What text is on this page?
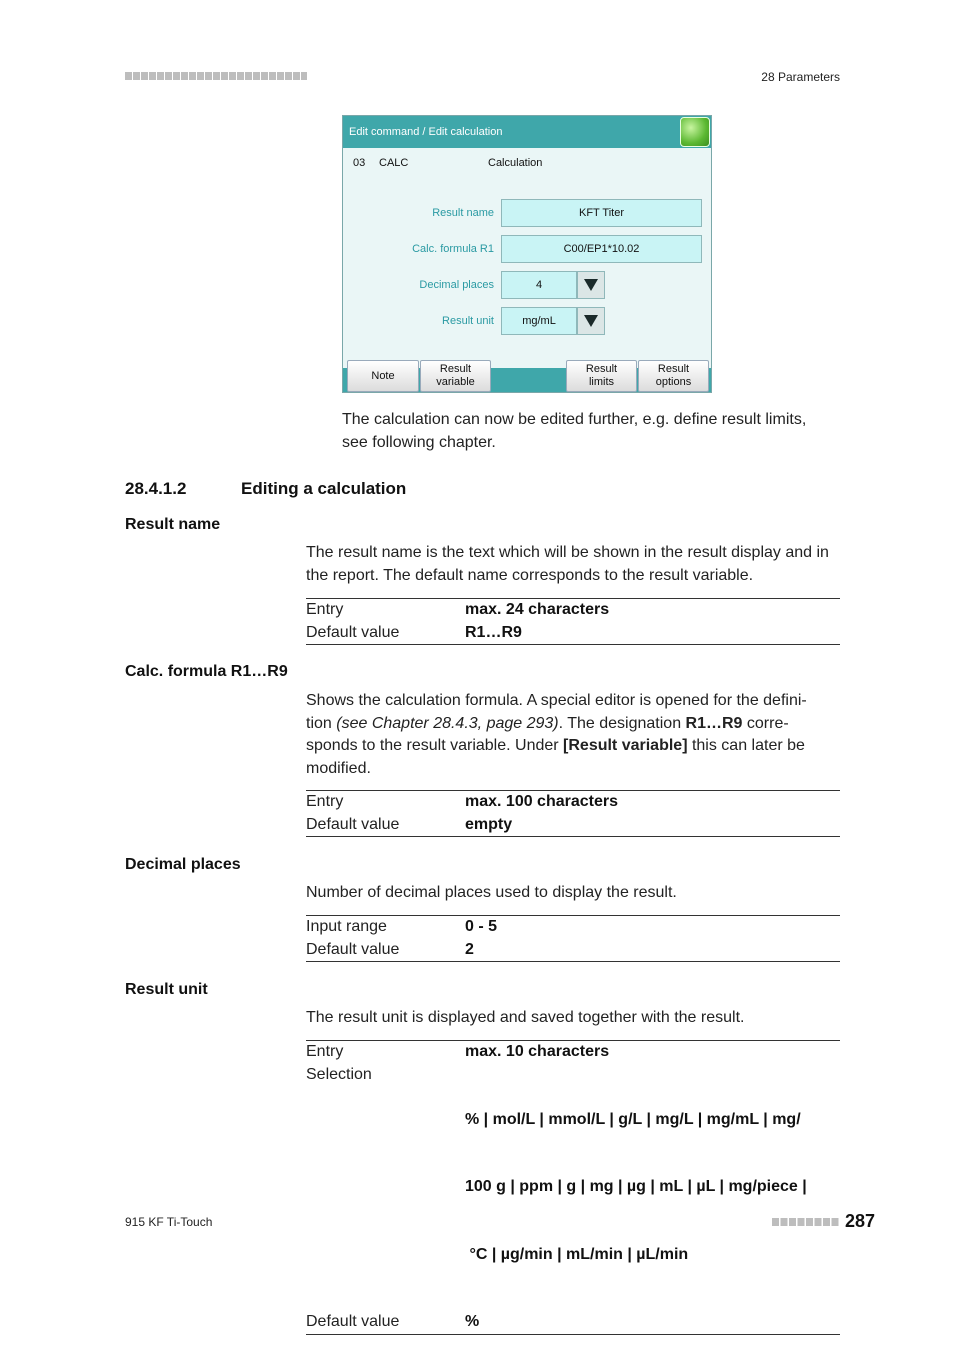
28 Parameters
Edit command / Edit calculation
03 CALC	Calculation
Result name	KFT Titer
Calc. formula R1	C00/EP1*10.02
Decimal places	4
Result unit	mg/mL
Note
Result
variable
Result
limits
Result
options
The calculation can now be edited further, e.g. define result limits, see following chapter.
28.4.1.2	Editing a calculation
Result name
The result name is the text which will be shown in the result display and in the report. The default name corresponds to the result variable.
Entry	max. 24 characters
Default value	R1…R9
Calc. formula R1…R9
Shows the calculation formula. A special editor is opened for the defini-
tion (see Chapter 28.4.3, page 293). The designation R1…R9 corre-
sponds to the result variable. Under [Result variable] this can later be
modified.
Entry	max. 100 characters
Default value	empty
Decimal places
Number of decimal places used to display the result.
Input range	0 - 5
Default value	2
Result unit
The result unit is displayed and saved together with the result.
Entry	max. 10 characters
Selection

% | mol/L | mmol/L | g/L | mg/L | mg/mL | mg/

100 g | ppm | g | mg | µg | mL | µL | mg/piece |

°C | µg/min | mL/min | µL/min

Default value	%
915 KF Ti-Touch	287
